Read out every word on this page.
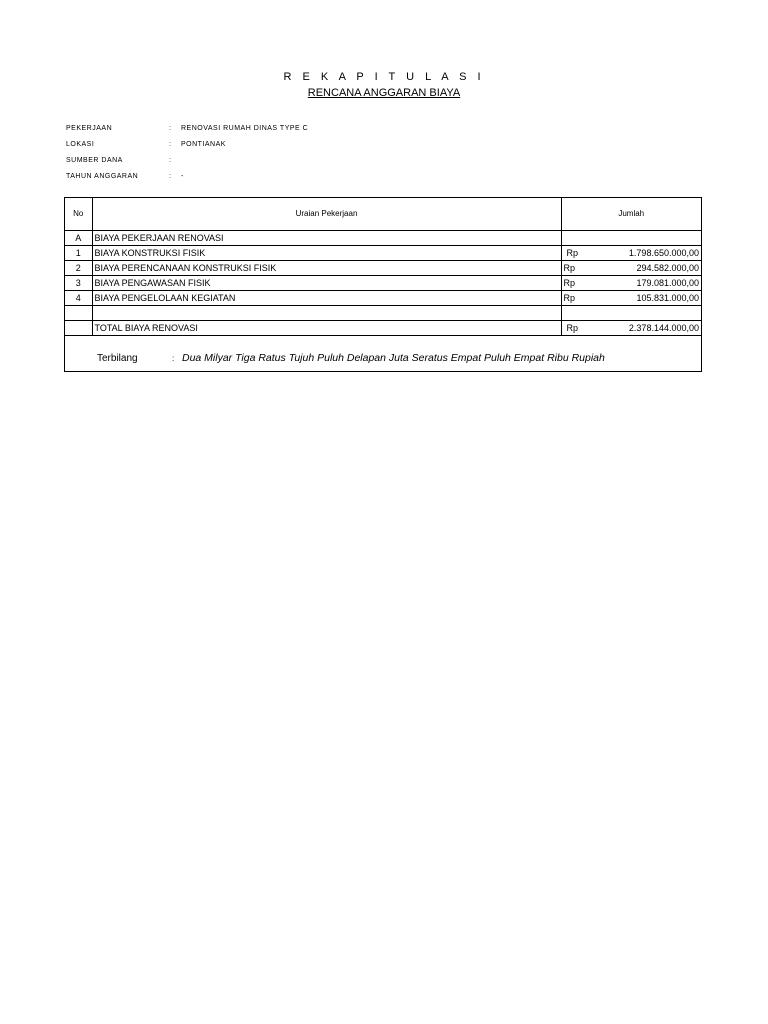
R E K A P I T U L A S I
RENCANA ANGGARAN BIAYA
PEKERJAAN	:	RENOVASI RUMAH DINAS TYPE C
LOKASI	:	PONTIANAK
SUMBER DANA	:
TAHUN ANGGARAN	:	-
No	Uraian Pekerjaan	Jumlah
A	BIAYA PEKERJAAN RENOVASI	
1	BIAYA KONSTRUKSI FISIK	Rp 1.798.650.000,00

2	BIAYA PERENCANAAN KONSTRUKSI FISIK	Rp 294.582.000,00

3	BIAYA PENGAWASAN FISIK	Rp 179.081.000,00

4	BIAYA PENGELOLAAN KEGIATAN	Rp 105.831.000,00

	TOTAL BIAYA RENOVASI	Rp 2.378.144.000,00
Terbilang	: Dua Milyar Tiga Ratus Tujuh Puluh Delapan Juta Seratus Empat Puluh Empat Ribu Rupiah
